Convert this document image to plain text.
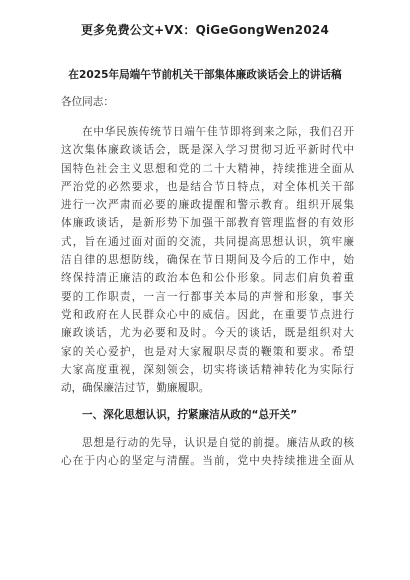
更多免费公文+VX：QiGeGongWen2024
在2025年局端午节前机关干部集体廉政谈话会上的讲话稿
各位同志：

在中华民族传统节日端午佳节即将到来之际，我们召开
这次集体廉政谈话会，既是深入学习贯彻习近平新时代中
国特色社会主义思想和党的二十大精神，持续推进全面从
严治党的必然要求，也是结合节日特点，对全体机关干部
进行一次严肃而必要的廉政提醒和警示教育。组织开展集
体廉政谈话，是新形势下加强干部教育管理监督的有效形
式，旨在通过面对面的交流，共同提高思想认识，筑牢廉
洁自律的思想防线，确保在节日期间及今后的工作中，始
终保持清正廉洁的政治本色和公仆形象。同志们肩负着重
要的工作职责，一言一行都事关本局的声誉和形象，事关
党和政府在人民群众心中的威信。因此，在重要节点进行
廉政谈话，尤为必要和及时。今天的谈话，既是组织对大
家的关心爱护，也是对大家履职尽责的鞭策和要求。希望
大家高度重视，深刻领会，切实将谈话精神转化为实际行
动，确保廉洁过节，勤廉履职。

一、深化思想认识，拧紧廉洁从政的“总开关”

思想是行动的先导，认识是自觉的前提。廉洁从政的核
心在于内心的坚定与清醒。当前，党中央持续推进全面从
